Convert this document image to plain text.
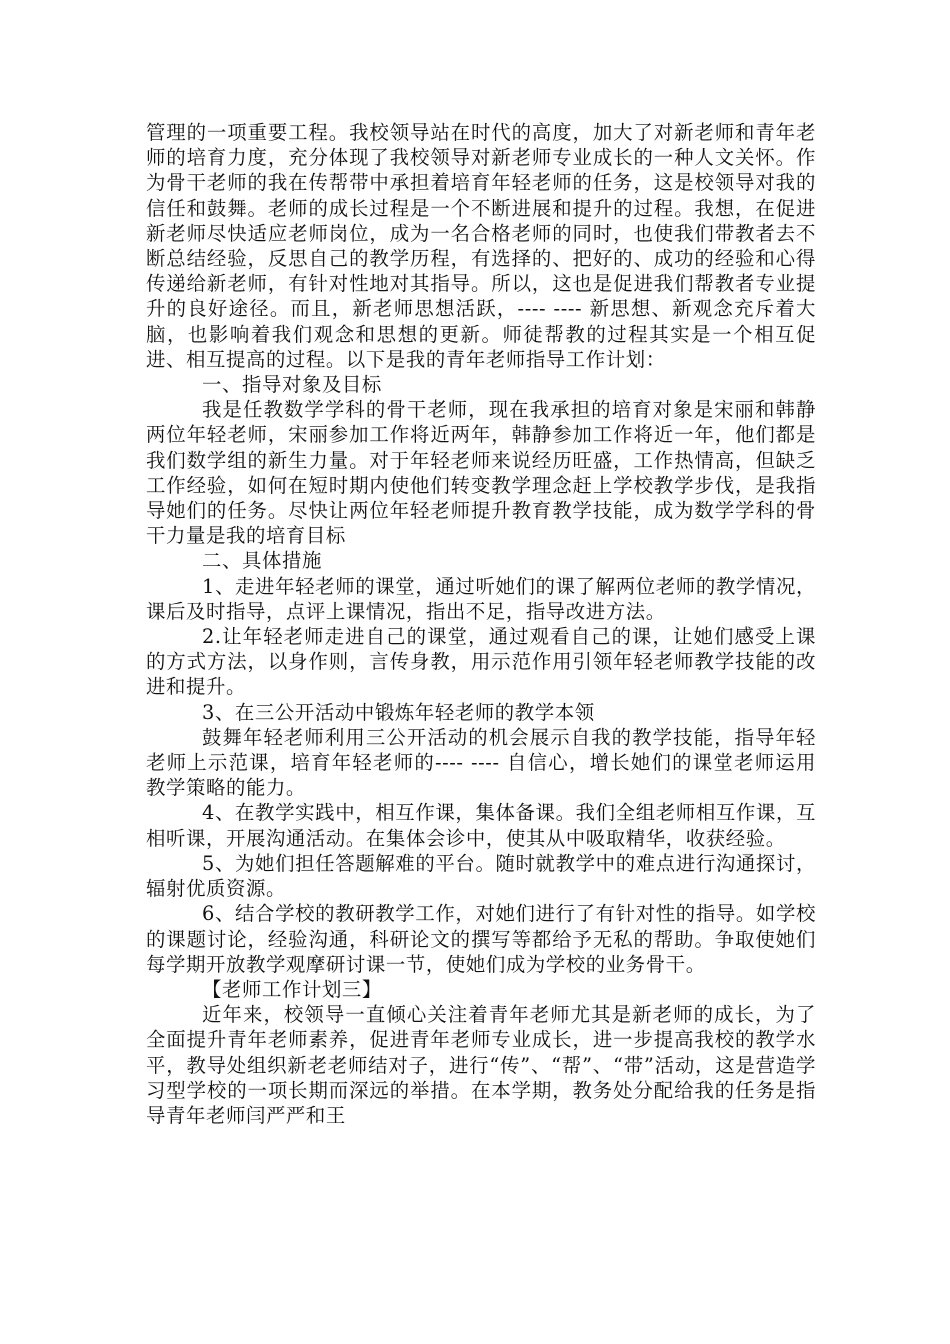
管理的一项重要工程。我校领导站在时代的高度，加大了对新老师和青年老师的培育力度，充分体现了我校领导对新老师专业成长的一种人文关怀。作为骨干老师的我在传帮带中承担着培育年轻老师的任务，这是校领导对我的信任和鼓舞。老师的成长过程是一个不断进展和提升的过程。我想，在促进新老师尽快适应老师岗位，成为一名合格老师的同时，也使我们带教者去不断总结经验，反思自己的教学历程，有选择的、把好的、成功的经验和心得传递给新老师，有针对性地对其指导。所以，这也是促进我们帮教者专业提升的良好途径。而且，新老师思想活跃，---- ---- 新思想、新观念充斥着大脑，也影响着我们观念和思想的更新。师徒帮教的过程其实是一个相互促进、相互提高的过程。以下是我的青年老师指导工作计划：

一、指导对象及目标

我是任教数学学科的骨干老师，现在我承担的培育对象是宋丽和韩静两位年轻老师，宋丽参加工作将近两年，韩静参加工作将近一年，他们都是我们数学组的新生力量。对于年轻老师来说经历旺盛，工作热情高，但缺乏工作经验，如何在短时期内使他们转变教学理念赶上学校教学步伐，是我指导她们的任务。尽快让两位年轻老师提升教育教学技能，成为数学学科的骨干力量是我的培育目标

二、具体措施

1、走进年轻老师的课堂，通过听她们的课了解两位老师的教学情况，课后及时指导，点评上课情况，指出不足，指导改进方法。

2.让年轻老师走进自己的课堂，通过观看自己的课，让她们感受上课的方式方法，以身作则，言传身教，用示范作用引领年轻老师教学技能的改进和提升。

3、在三公开活动中锻炼年轻老师的教学本领

鼓舞年轻老师利用三公开活动的机会展示自我的教学技能，指导年轻老师上示范课，培育年轻老师的---- ---- 自信心，增长她们的课堂老师运用教学策略的能力。

4、在教学实践中，相互作课，集体备课。我们全组老师相互作课，互相听课，开展沟通活动。在集体会诊中，使其从中吸取精华，收获经验。

5、为她们担任答题解难的平台。随时就教学中的难点进行沟通探讨，辐射优质资源。

6、结合学校的教研教学工作，对她们进行了有针对性的指导。如学校的课题讨论，经验沟通，科研论文的撰写等都给予无私的帮助。争取使她们每学期开放教学观摩研讨课一节，使她们成为学校的业务骨干。

【老师工作计划三】

近年来，校领导一直倾心关注着青年老师尤其是新老师的成长，为了全面提升青年老师素养，促进青年老师专业成长，进一步提高我校的教学水平，教导处组织新老老师结对子，进行“传”、“帮”、“带”活动，这是营造学习型学校的一项长期而深远的举措。在本学期，教务处分配给我的任务是指导青年老师闫严严和王
